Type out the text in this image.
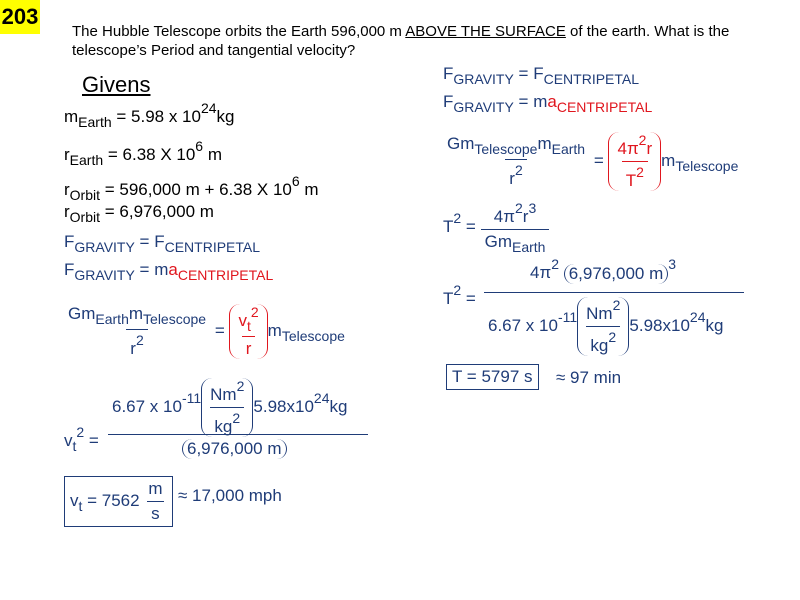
203
The Hubble Telescope orbits the Earth 596,000 m ABOVE THE SURFACE of the earth. What is the telescope’s Period and tangential velocity?
Givens
$m_{Earth} = 5.98$ x $10^{24}kg$
$r_{Earth} = 6.38$ X $10^6$ m
$r_{Orbit} = 596,000$ m + 6.38 X $10^6$ m
$r_{Orbit} = 6,976,000$ m
$F_{GRAVITY} = F_{CENTRIPETAL}$
$F_{GRAVITY} = ma_{CENTRIPETAL}$
$\frac{Gm_{Earth}m_{Telescope}}{r^2} = \frac{v_t^2}{r} m_{Telescope}$
$v_t^2$ =
6.67 x $10^{-11} \frac{Nm^2}{kg^2} 5.98x10^{24}kg$
6,976,000 m
$v_t = 7562 \frac{m}{s} \approx 17,000$ mph
$F_{GRAVITY} = F_{CENTRIPETAL}$
$F_{GRAVITY} = ma_{CENTRIPETAL}$
$\frac{Gm_{Telescope}m_{Earth}}{r^2} = \frac{4\pi^2r}{T^2} m_{Telescope}$
$T^2 = \frac{4\pi^2r^3}{Gm_{Earth}}$
$T^2$ =
$4\pi^2$ 6,976,000 m $^3$
6.67 x $10^{-11} \frac{Nm^2}{kg^2} 5.98x10^{24}kg$
T = 5797 s	≈ 97 min
